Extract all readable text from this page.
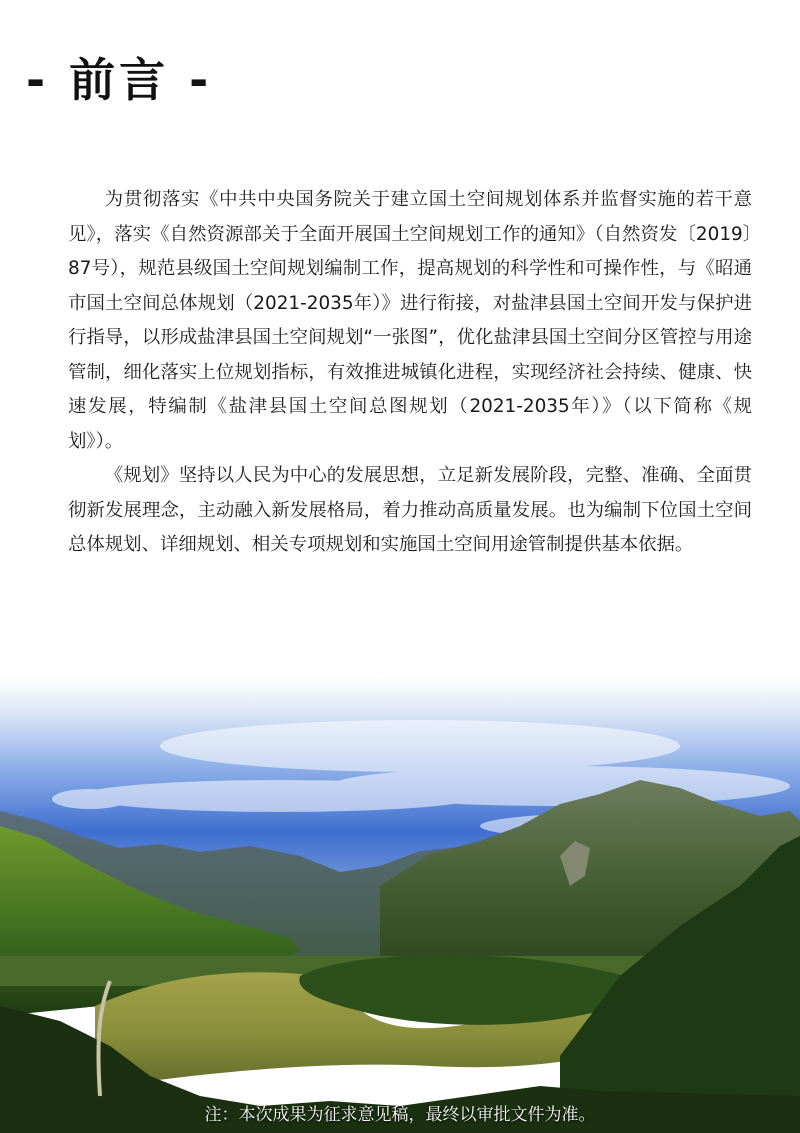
- 前言 -

为贯彻落实《中共中央国务院关于建立国土空间规划体系并监督实施的若干意见》，落实《自然资源部关于全面开展国土空间规划工作的通知》（自然资发〔2019〕87号），规范县级国土空间规划编制工作，提高规划的科学性和可操作性，与《昭通市国土空间总体规划（2021-2035年）》进行衔接，对盐津县国土空间开发与保护进行指导，以形成盐津县国土空间规划“一张图”，优化盐津县国土空间分区管控与用途管制，细化落实上位规划指标，有效推进城镇化进程，实现经济社会持续、健康、快速发展，特编制《盐津县国土空间总图规划（2021-2035年）》（以下简称《规划》）。

《规划》坚持以人民为中心的发展思想，立足新发展阶段，完整、准确、全面贯彻新发展理念，主动融入新发展格局，着力推动高质量发展。也为编制下位国土空间总体规划、详细规划、相关专项规划和实施国土空间用途管制提供基本依据。

注：本次成果为征求意见稿，最终以审批文件为准。
